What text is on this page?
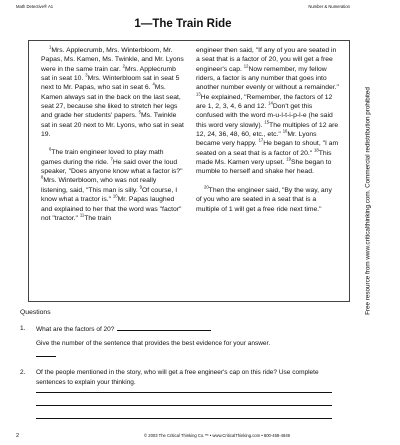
Math Detective® A1	Number & Numeration
1—The Train Ride

$^1$Mrs. Applecrumb, Mrs. Winterbloom, Mr. Papas, Ms. Kamen, Ms. Twinkle, and Mr. Lyons were in the same train car. $^2$Mrs. Applecrumb sat in seat 10. $^3$Mrs. Winterbloom sat in seat 5 next to Mr. Papas, who sat in seat 6. $^4$Ms. Kamen always sat in the back on the last seat, seat 27, because she liked to stretch her legs and grade her students' papers. $^5$Ms. Twinkle sat in seat 20 next to Mr. Lyons, who sat in seat 19.

$^6$The train engineer loved to play math games during the ride. $^7$He said over the loud speaker, "Does anyone know what a factor is?" $^8$Mrs. Winterbloom, who was not really listening, said, "This man is silly. $^9$Of course, I know what a tractor is." $^{10}$Mr. Papas laughed and explained to her that the word was "factor" not "tractor." $^{11}$The train

engineer then said, "If any of you are seated in a seat that is a factor of 20, you will get a free engineer's cap. $^{12}$Now remember, my fellow riders, a factor is any number that goes into another number evenly or without a remainder." $^{13}$He explained, "Remember, the factors of 12 are 1, 2, 3, 4, 6 and 12. $^{14}$Don't get this confused with the word m-u-l-t-i-p-l-e (he said this word very slowly). $^{15}$The multiples of 12 are 12, 24, 36, 48, 60, etc., etc." $^{16}$Mr. Lyons became very happy. $^{17}$He began to shout, "I am seated on a seat that is a factor of 20." $^{18}$This made Ms. Kamen very upset. $^{19}$She began to mumble to herself and shake her head.

$^{20}$Then the engineer said, "By the way, any of you who are seated in a seat that is a multiple of 1 will get a free ride next time."

Questions
1. What are the factors of 20?
Give the number of the sentence that provides the best evidence for your answer.
2. Of the people mentioned in the story, who will get a free engineer's cap on this ride? Use complete sentences to explain your thinking.
2	© 2003 The Critical Thinking Co.™ • www.CriticalThinking.com • 800-458-4849
Free resource from www.criticalthinking.com. Commercial redistribution prohibited
